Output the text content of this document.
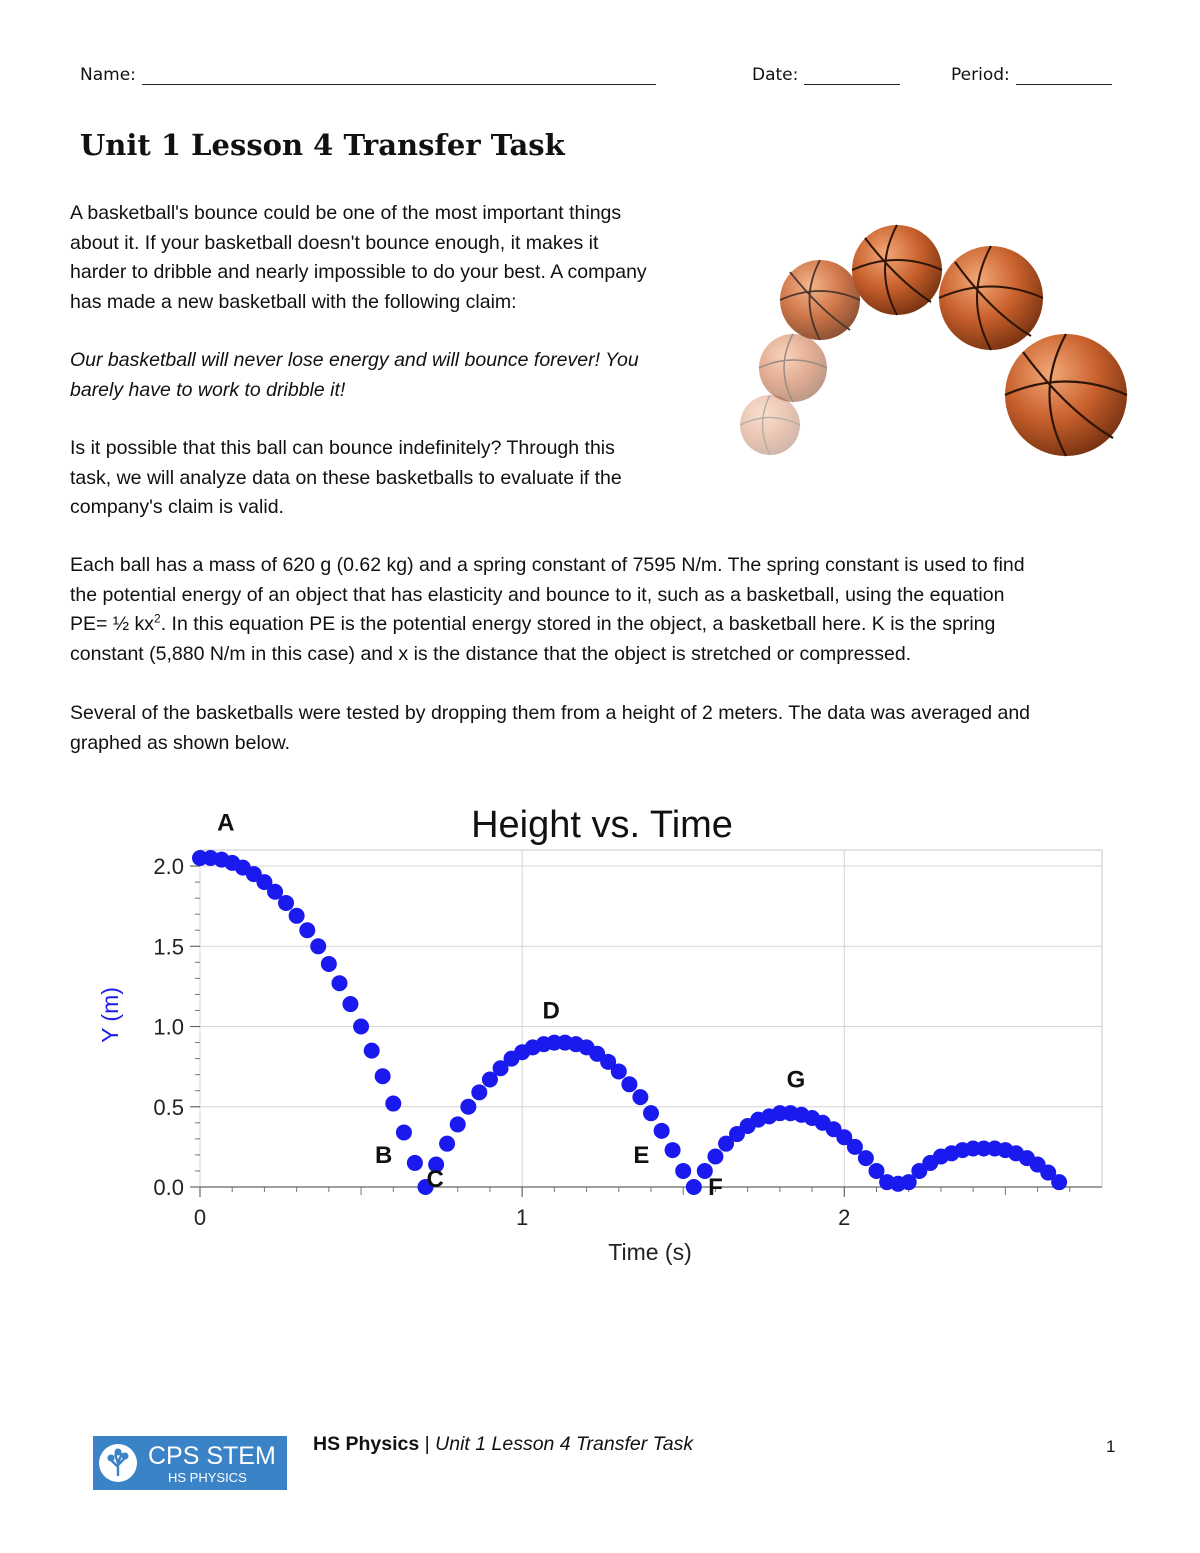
Name:	Date:	Period:
Unit 1 Lesson 4 Transfer Task

A basketball's bounce could be one of the most important things
about it. If your basketball doesn't bounce enough, it makes it
harder to dribble and nearly impossible to do your best. A company
has made a new basketball with the following claim:

Our basketball will never lose energy and will bounce forever! You
barely have to work to dribble it!

Is it possible that this ball can bounce indefinitely? Through this
task, we will analyze data on these basketballs to evaluate if the
company's claim is valid.

Each ball has a mass of 620 g (0.62 kg) and a spring constant of 7595 N/m. The spring constant is used to find
the potential energy of an object that has elasticity and bounce to it, such as a basketball, using the equation
PE= ½ $kx^2$. In this equation PE is the potential energy stored in the object, a basketball here. K is the spring
constant (5,880 N/m in this case) and x is the distance that the object is stretched or compressed.

Several of the basketballs were tested by dropping them from a height of 2 meters. The data was averaged and
graphed as shown below.

Height vs. Time
0	1	2
0.0
0.5
1.0
1.5
2.0
A
B
C
D
E
F
G
Time (s)
Y (m)
CPS STEM
HS PHYSICS
HS Physics | Unit 1 Lesson 4 Transfer Task	1
